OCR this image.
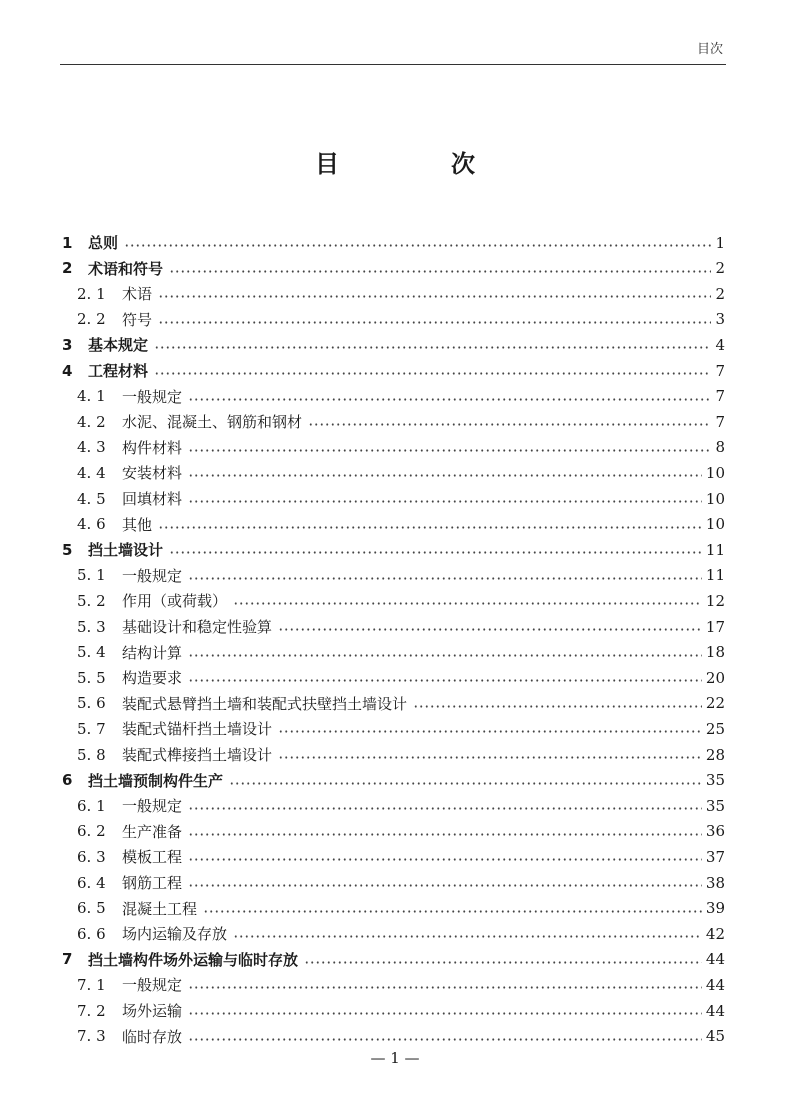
目次
目　次
1 总则	1
2 术语和符号	2
2. 1 术语	2
2. 2 符号	3
3 基本规定	4
4 工程材料	7
4. 1 一般规定	7
4. 2 水泥、混凝土、钢筋和钢材	7
4. 3 构件材料	8
4. 4 安装材料	10
4. 5 回填材料	10
4. 6 其他	10
5 挡土墙设计	11
5. 1 一般规定	11
5. 2 作用（或荷载）	12
5. 3 基础设计和稳定性验算	17
5. 4 结构计算	18
5. 5 构造要求	20
5. 6 装配式悬臂挡土墙和装配式扶壁挡土墙设计	22
5. 7 装配式锚杆挡土墙设计	25
5. 8 装配式榫接挡土墙设计	28
6 挡土墙预制构件生产	35
6. 1 一般规定	35
6. 2 生产准备	36
6. 3 模板工程	37
6. 4 钢筋工程	38
6. 5 混凝土工程	39
6. 6 场内运输及存放	42
7 挡土墙构件场外运输与临时存放	44
7. 1 一般规定	44
7. 2 场外运输	44
7. 3 临时存放	45
— 1 —
